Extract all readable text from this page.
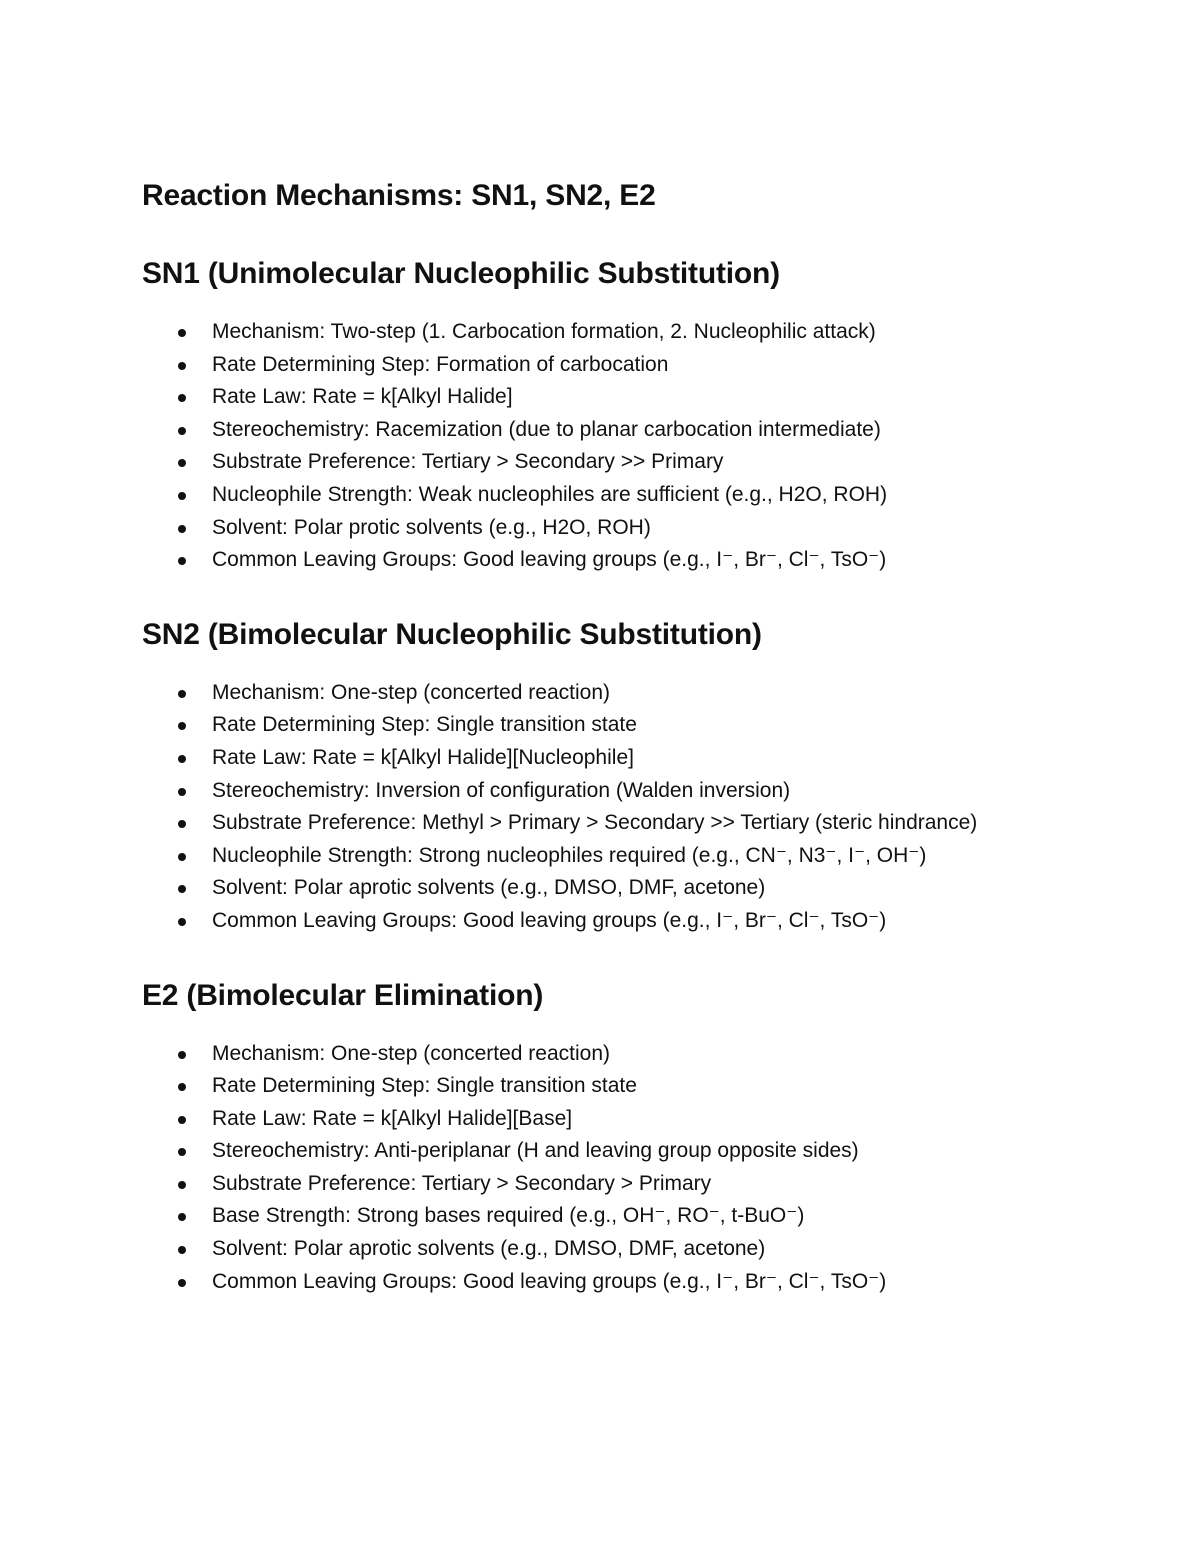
Reaction Mechanisms: SN1, SN2, E2
SN1 (Unimolecular Nucleophilic Substitution)
Mechanism: Two-step (1. Carbocation formation, 2. Nucleophilic attack)
Rate Determining Step: Formation of carbocation
Rate Law: Rate = k[Alkyl Halide]
Stereochemistry: Racemization (due to planar carbocation intermediate)
Substrate Preference: Tertiary > Secondary >> Primary
Nucleophile Strength: Weak nucleophiles are sufficient (e.g., H2O, ROH)
Solvent: Polar protic solvents (e.g., H2O, ROH)
Common Leaving Groups: Good leaving groups (e.g., I⁻, Br⁻, Cl⁻, TsO⁻)
SN2 (Bimolecular Nucleophilic Substitution)
Mechanism: One-step (concerted reaction)
Rate Determining Step: Single transition state
Rate Law: Rate = k[Alkyl Halide][Nucleophile]
Stereochemistry: Inversion of configuration (Walden inversion)
Substrate Preference: Methyl > Primary > Secondary >> Tertiary (steric hindrance)
Nucleophile Strength: Strong nucleophiles required (e.g., CN⁻, N3⁻, I⁻, OH⁻)
Solvent: Polar aprotic solvents (e.g., DMSO, DMF, acetone)
Common Leaving Groups: Good leaving groups (e.g., I⁻, Br⁻, Cl⁻, TsO⁻)
E2 (Bimolecular Elimination)
Mechanism: One-step (concerted reaction)
Rate Determining Step: Single transition state
Rate Law: Rate = k[Alkyl Halide][Base]
Stereochemistry: Anti-periplanar (H and leaving group opposite sides)
Substrate Preference: Tertiary > Secondary > Primary
Base Strength: Strong bases required (e.g., OH⁻, RO⁻, t-BuO⁻)
Solvent: Polar aprotic solvents (e.g., DMSO, DMF, acetone)
Common Leaving Groups: Good leaving groups (e.g., I⁻, Br⁻, Cl⁻, TsO⁻)
